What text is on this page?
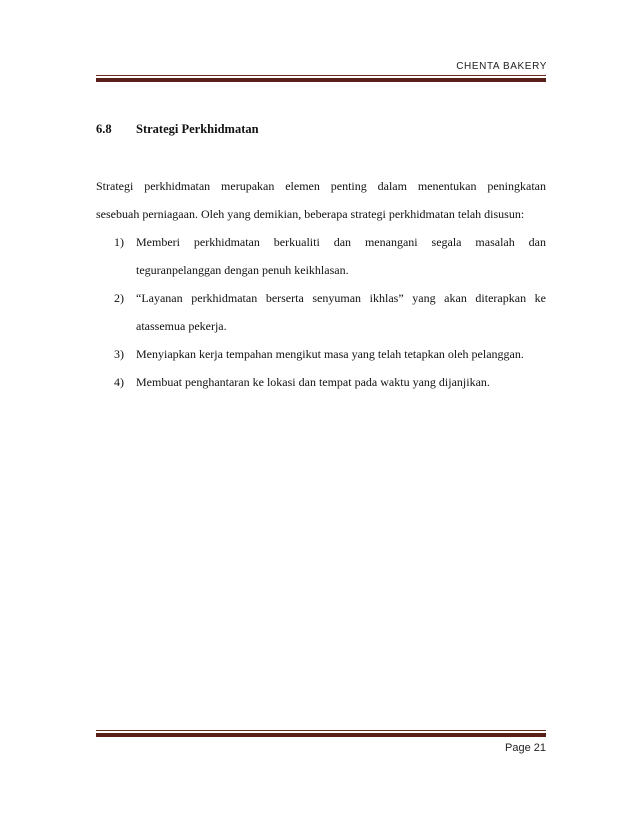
CHENTA BAKERY
6.8	Strategi Perkhidmatan

Strategi perkhidmatan merupakan elemen penting dalam menentukan peningkatan
sesebuah perniagaan. Oleh yang demikian, beberapa strategi perkhidmatan telah disusun:

1)	Memberi perkhidmatan berkualiti dan menangani segala masalah dan
teguranpelanggan dengan penuh keikhlasan.
2)	“Layanan perkhidmatan berserta senyuman ikhlas” yang akan diterapkan ke
atassemua pekerja.
3)	Menyiapkan kerja tempahan mengikut masa yang telah tetapkan oleh pelanggan.
4)	Membuat penghantaran ke lokasi dan tempat pada waktu yang dijanjikan.
Page 21
